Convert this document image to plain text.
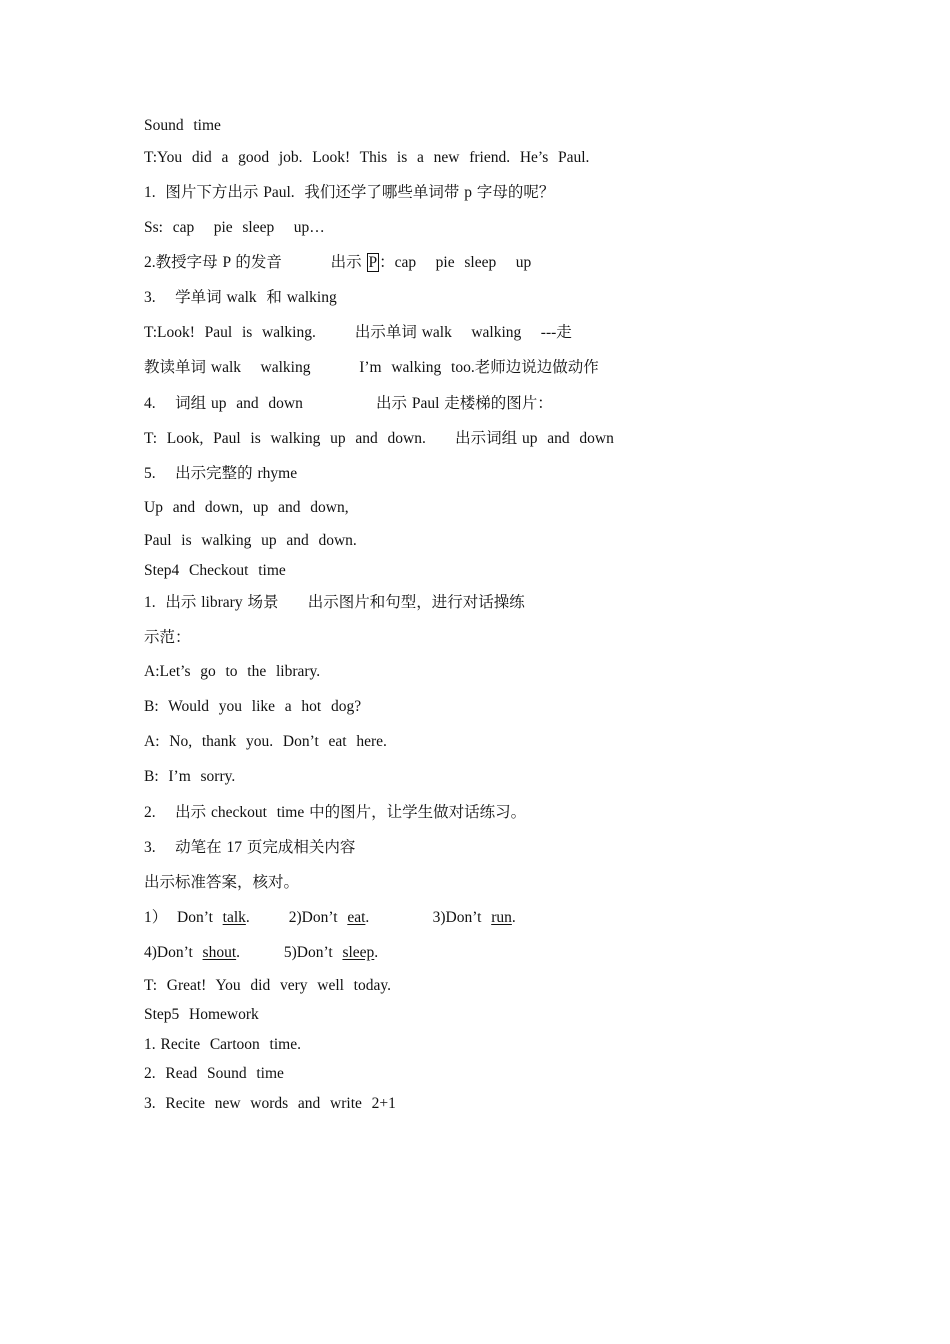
Sound  time
T:You  did  a  good  job.  Look!  This  is  a  new  friend.  He’s  Paul.
1.  图片下方出示 Paul.  我们还学了哪些单词带 p 字母的呢？
Ss:  cap    pie  sleep    up…
2.教授字母 P 的发音          出示 P ：cap    pie  sleep    up
3.    学单词 walk  和 walking
T:Look!  Paul  is  walking.        出示单词 walk    walking    ---走
教读单词 walk    walking          I’m  walking  too.老师边说边做动作
4.    词组 up  and  down               出示 Paul 走楼梯的图片：
T:  Look,  Paul  is  walking  up  and  down.      出示词组 up  and  down
5.    出示完整的 rhyme
Up  and  down,  up  and  down,
Paul  is  walking  up  and  down.
Step4  Checkout  time
1.  出示 library 场景      出示图片和句型，进行对话操练
示范：
A:Let’s  go  to  the  library.
B:  Would  you  like  a  hot  dog?
A:  No,  thank  you.  Don’t  eat  here.
B:  I’m  sorry.
2.    出示 checkout  time 中的图片，让学生做对话练习。
3.    动笔在 17 页完成相关内容
出示标准答案，核对。
1）  Don’t  talk.        2)Don’t  eat.             3)Don’t  run.
4)Don’t  shout.         5)Don’t  sleep.
T:  Great!  You  did  very  well  today.
Step5  Homework
1. Recite  Cartoon  time.
2.  Read  Sound  time
3.  Recite  new  words  and  write  2+1
